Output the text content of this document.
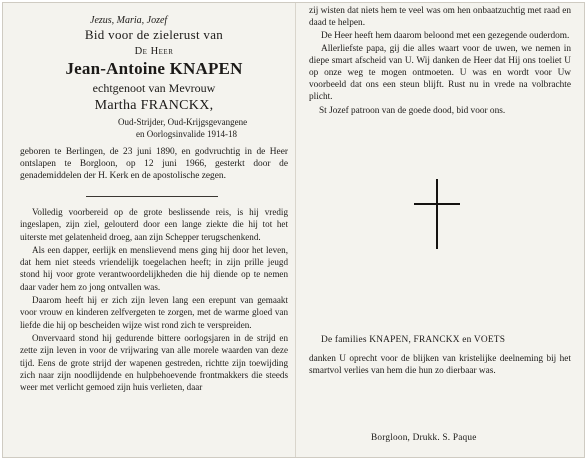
Jezus, Maria, Jozef
Bid voor de zielerust van
De Heer
Jean-Antoine KNAPEN
echtgenoot van Mevrouw
Martha FRANCKX,
Oud-Strijder, Oud-Krijgsgevangene
en Oorlogsinvalide 1914-18
geboren te Berlingen, de 23 juni 1890, en godvruchtig in de Heer ontslapen te Borgloon, op 12 juni 1966, gesterkt door de genademiddelen der H. Kerk en de apostolische zegen.

Volledig voorbereid op de grote beslissende reis, is hij vredig ingeslapen, zijn ziel, gelouterd door een lange ziekte die hij tot het uiterste met gelatenheid droeg, aan zijn Schepper terugschenkend.

Als een dapper, eerlijk en menslievend mens ging hij door het leven, dat hem niet steeds vriendelijk toegelachen heeft; in zijn prille jeugd stond hij voor grote verantwoordelijkheden die hij diende op te nemen daar vader hem zo jong ontvallen was.

Daarom heeft hij er zich zijn leven lang een erepunt van gemaakt voor vrouw en kinderen zelfvergeten te zorgen, met de warme gloed van liefde die hij op bescheiden wijze wist rond zich te verspreiden.

Onvervaard stond hij gedurende bittere oorlogsjaren in de strijd en zette zijn leven in voor de vrijwaring van alle morele waarden van deze tijd. Eens de grote strijd der wapenen gestreden, richtte zijn toewijding zich naar zijn noodlijdende en hulpbehoevende frontmakkers die steeds weer met verlicht gemoed zijn huis verlieten, daar

zij wisten dat niets hem te veel was om hen onbaatzuchtig met raad en daad te helpen.

De Heer heeft hem daarom beloond met een gezegende ouderdom.

Allerliefste papa, gij die alles waart voor de uwen, we nemen in diepe smart afscheid van U. Wij danken de Heer dat Hij ons toeliet U op onze weg te mogen ontmoeten. U was en wordt voor Uw voorbeeld dat ons een steun blijft. Rust nu in vrede na volbrachte plicht.

St Jozef patroon van de goede dood, bid voor ons.

De families KNAPEN, FRANCKX en VOETS
danken U oprecht voor de blijken van kristelijke deelneming bij het smartvol verlies van hem die hun zo dierbaar was.
Borgloon, Drukk. S. Paque
